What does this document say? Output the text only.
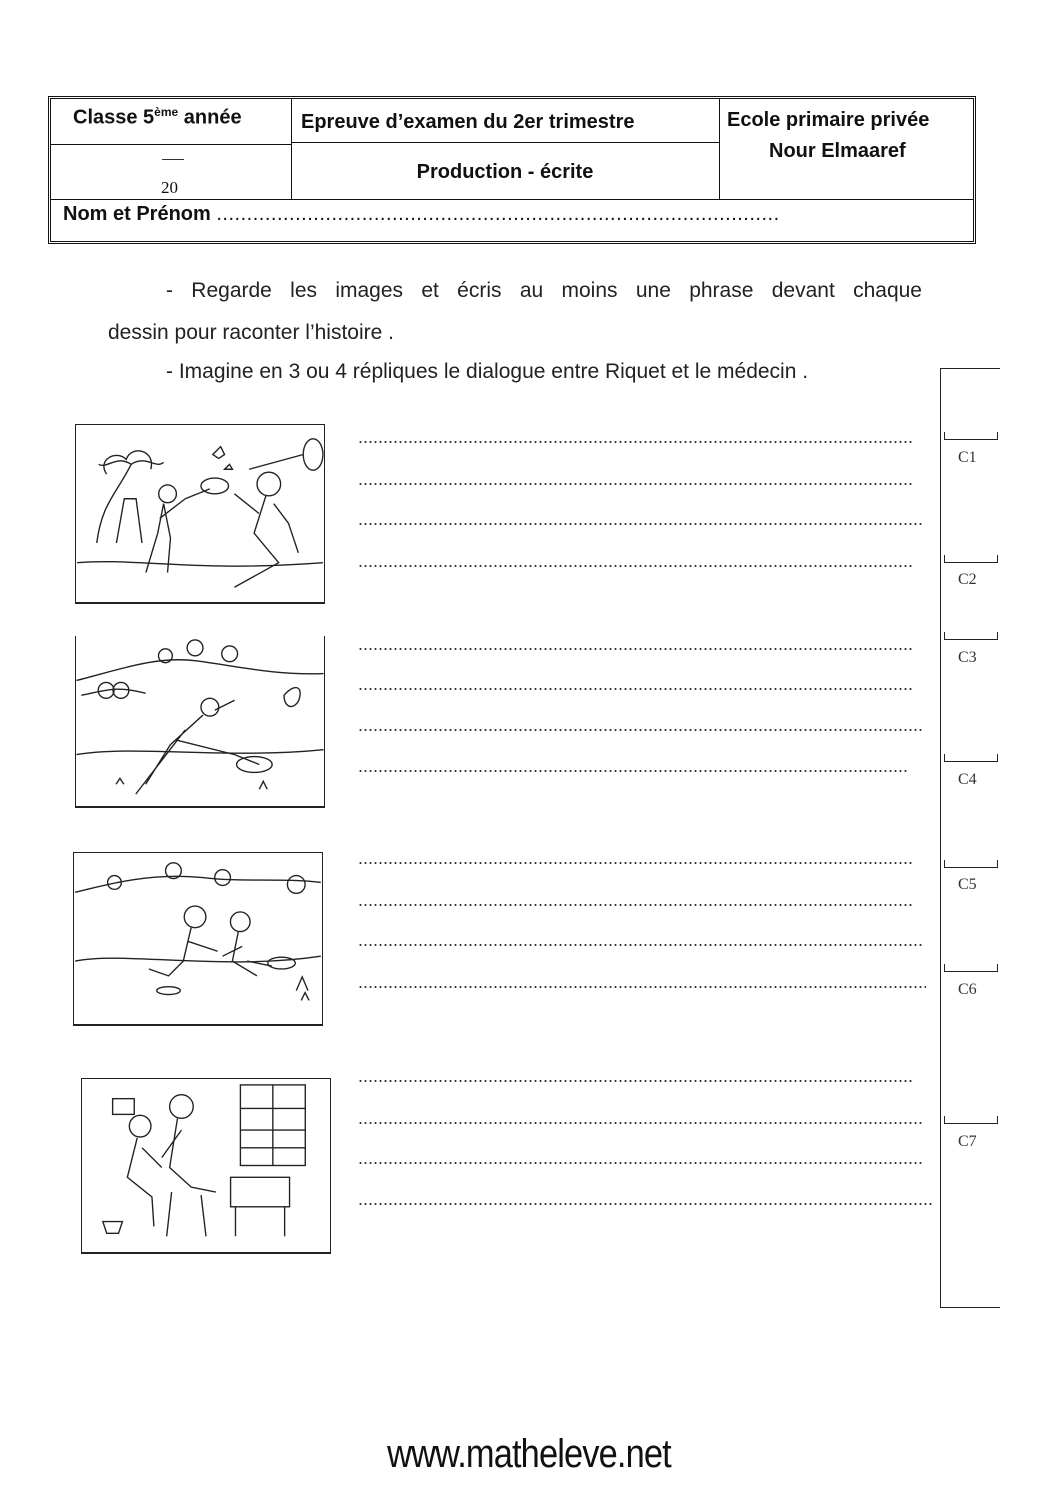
Classe 5ème année	Epreuve d’examen du 2er trimestre	Ecole primaire privée
Nour Elmaaref
Production - écrite
20
Nom et Prénom .............................................................................................
- Regarde les images et écris au moins une phrase devant chaque
dessin pour raconter l’histoire .
- Imagine en 3 ou 4 répliques le dialogue entre Riquet et le médecin .
C1
C2
C3
C4
C5
C6
C7
www.matheleve.net
